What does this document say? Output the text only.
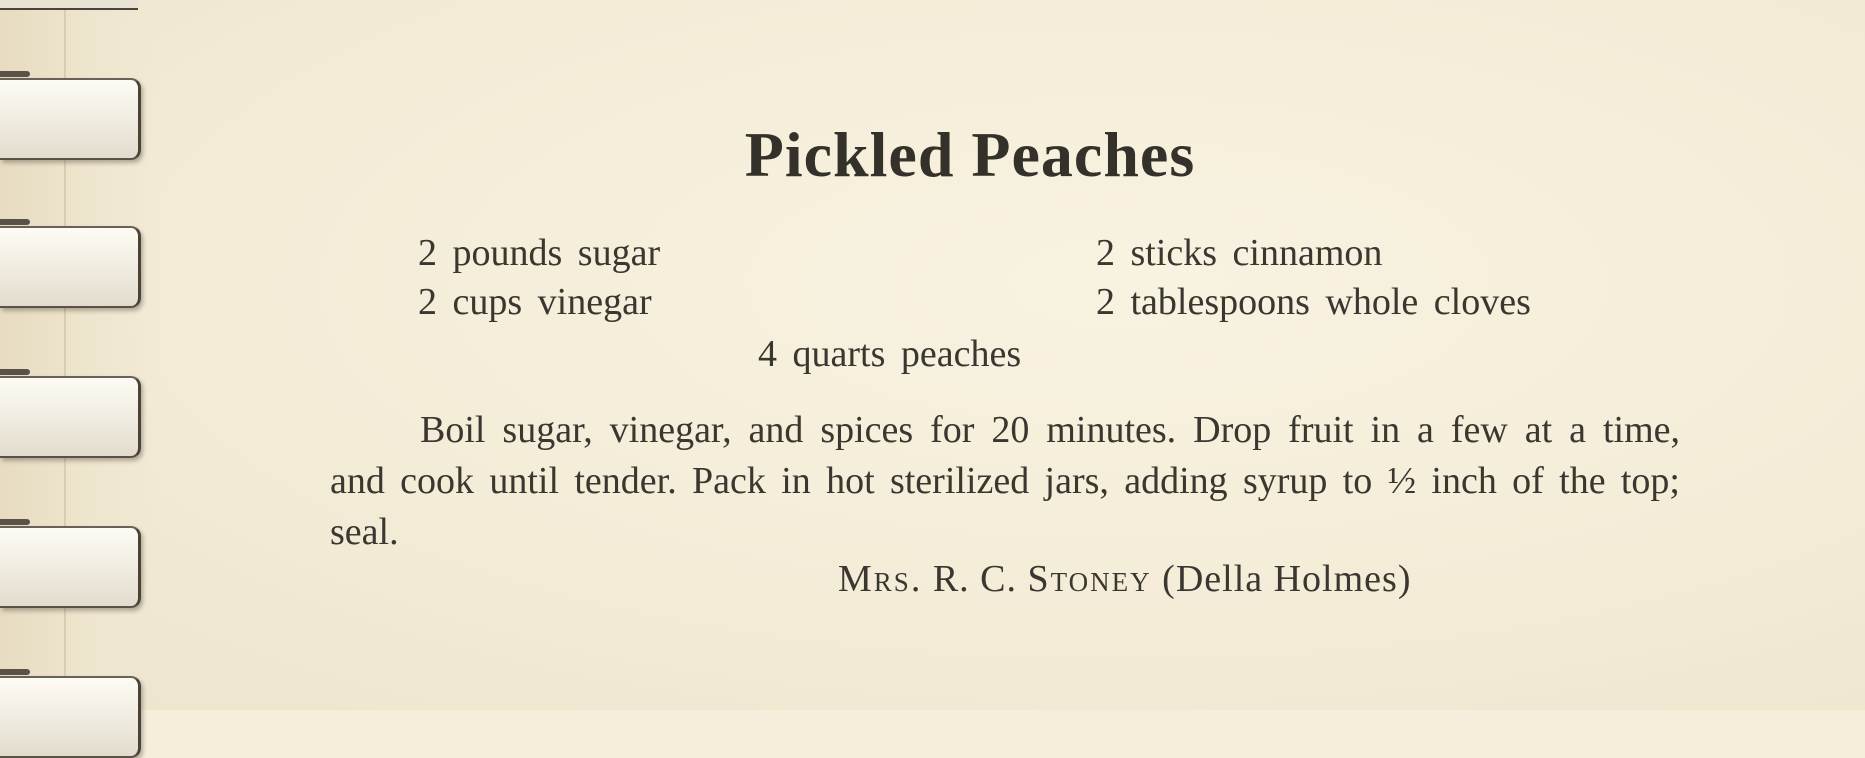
Pickled Peaches
2 pounds sugar
2 cups vinegar
2 sticks cinnamon
2 tablespoons whole cloves
4 quarts peaches
Boil sugar, vinegar, and spices for 20 minutes. Drop fruit in a few at a time, and cook until tender. Pack in hot sterilized jars, adding syrup to ½ inch of the top; seal.
Mrs. R. C. Stoney (Della Holmes)
